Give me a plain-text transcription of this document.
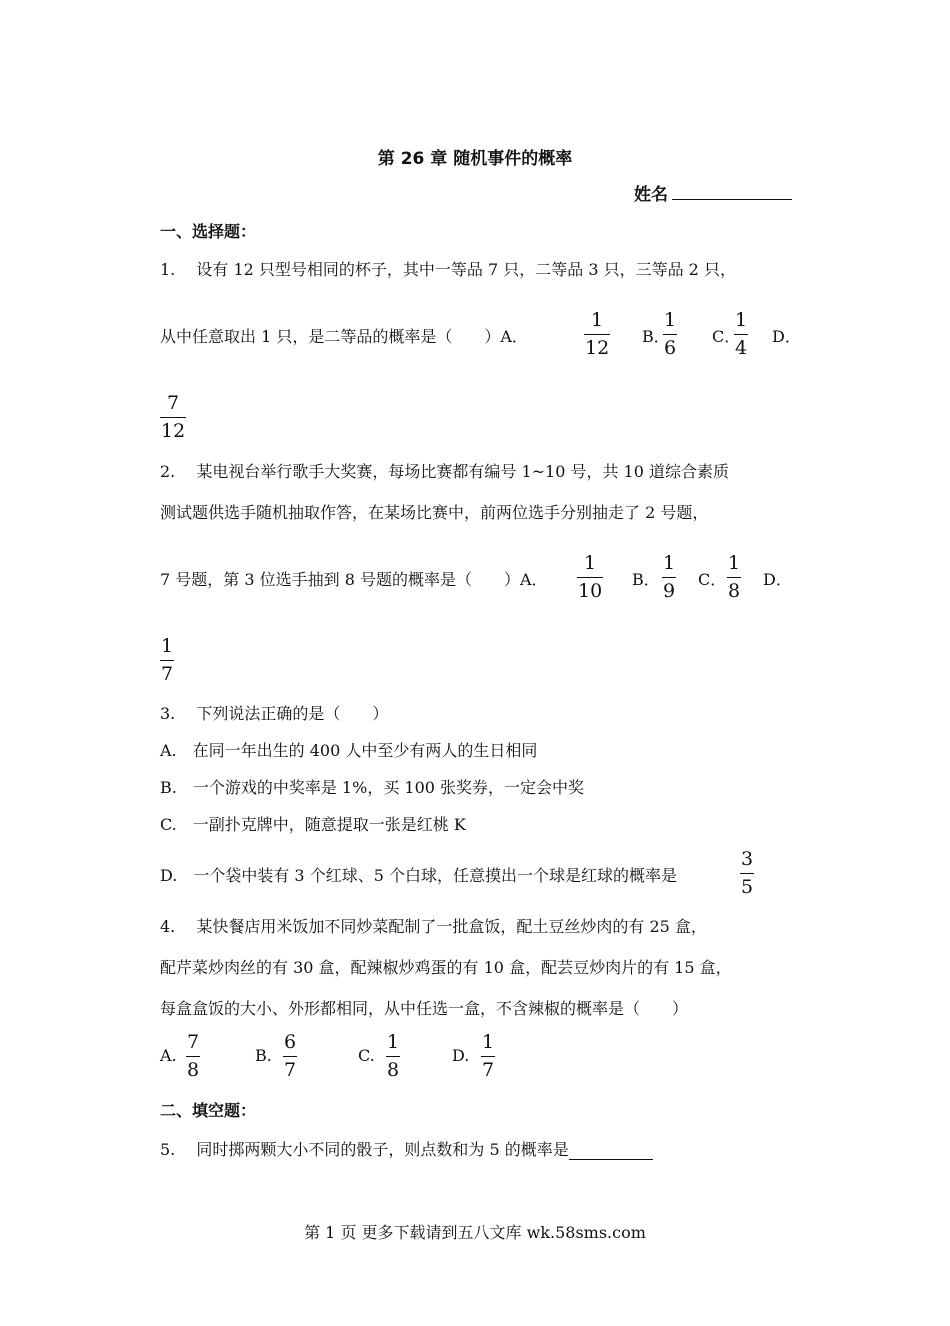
第 26 章 随机事件的概率
姓名
一、选择题：
1.　 设有 12 只型号相同的杯子，其中一等品 7 只，二等品 3 只，三等品 2 只，
从中任意取出 1 只，是二等品的概率是（　　）A．
1
12
B．
1
6
C．
1
4
D．
7
12
2.　 某电视台举行歌手大奖赛，每场比赛都有编号 1~10 号，共 10 道综合素质
测试题供选手随机抽取作答，在某场比赛中，前两位选手分别抽走了 2 号题，
7 号题，第 3 位选手抽到 8 号题的概率是（　　）A．
1
10
B．
1
9
C．
1
8
D．
1
7
3.　 下列说法正确的是（　　）
A.　在同一年出生的 400 人中至少有两人的生日相同
B.　一个游戏的中奖率是 1%，买 100 张奖券，一定会中奖
C.　一副扑克牌中，随意提取一张是红桃 K
D.　一个袋中装有 3 个红球、5 个白球，任意摸出一个球是红球的概率是
3
5
4.　 某快餐店用米饭加不同炒菜配制了一批盒饭，配土豆丝炒肉的有 25 盒，
配芹菜炒肉丝的有 30 盒，配辣椒炒鸡蛋的有 10 盒，配芸豆炒肉片的有 15 盒，
每盒盒饭的大小、外形都相同，从中任选一盒，不含辣椒的概率是（　　）
A.
7
8
B.
6
7
C.
1
8
D.
1
7
二、填空题：
5.　 同时掷两颗大小不同的骰子，则点数和为 5 的概率是
第 1 页 更多下载请到五八文库 wk.58sms.com
